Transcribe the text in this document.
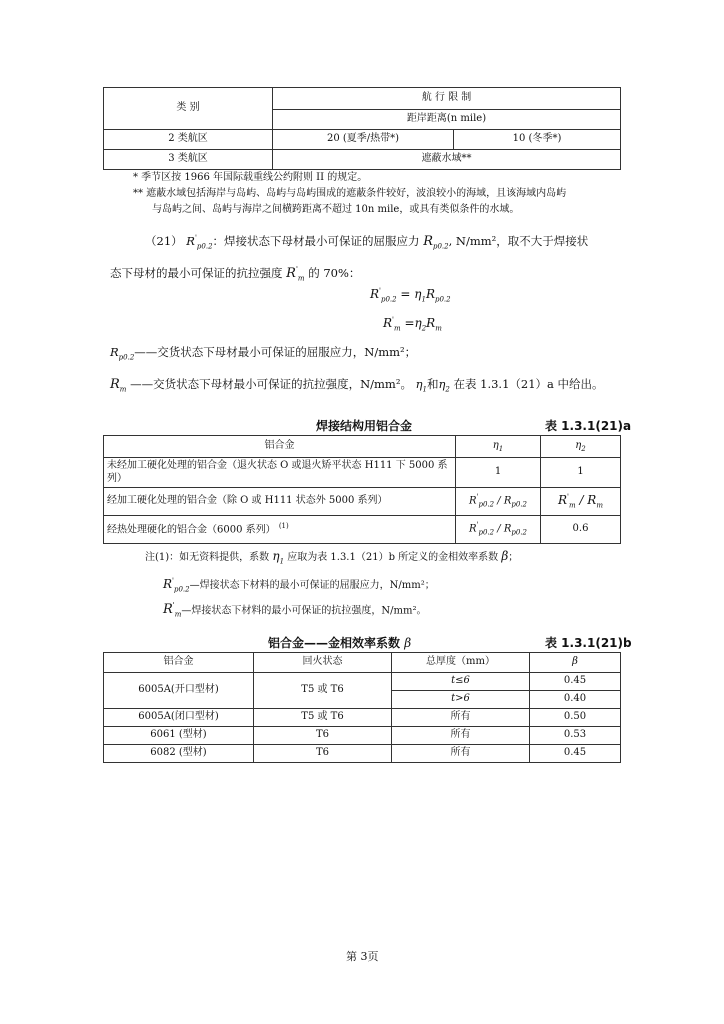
类 别	航 行 限 制	
	距岸距离(n mile)	
2 类航区	20 (夏季/热带*)	10 (冬季*)
3 类航区	遮蔽水域**	
* 季节区按 1966 年国际载重线公约附则 II 的规定。
** 遮蔽水域包括海岸与岛屿、岛屿与岛屿围成的遮蔽条件较好，波浪较小的海域，且该海域内岛屿
与岛屿之间、岛屿与海岸之间横跨距离不超过 10n mile，或具有类似条件的水域。
（21） $R'_{p0.2}$：焊接状态下母材最小可保证的屈服应力 $R_{p0.2}$, N/mm²，取不大于焊接状
态下母材的最小可保证的抗拉强度 $R'_m$ 的 70%：
$R'_{p0.2} = \eta_1R_{p0.2}$
$R'_m =\eta_2R_m$
$R_{p0.2}——$交货状态下母材最小可保证的屈服应力，N/mm²；
$R_m$ ——交货状态下母材最小可保证的抗拉强度，N/mm²。 $\eta_1$和$\eta_2$ 在表 1.3.1（21）a 中给出。
焊接结构用铝合金	表 1.3.1(21)a
铝合金	$\eta_1$	$\eta_2$
未经加工硬化处理的铝合金（退火状态 O 或退火矫平状态 H111 下 5000 系列）	1	1
经加工硬化处理的铝合金（除 O 或 H111 状态外 5000 系列）	$R'_{p0.2} / R_{p0.2}$	$R'_m / R_m$
经热处理硬化的铝合金（6000 系列） $^{(1)}$	$R'_{p0.2} / R_{p0.2}$	0.6
注(1)：如无资料提供，系数 $\eta_1$ 应取为表 1.3.1（21）b 所定义的金相效率系数 β；
$R'_{p0.2}—$焊接状态下材料的最小可保证的屈服应力，N/mm²；
$R'_m—$焊接状态下材料的最小可保证的抗拉强度，N/mm²。
铝合金——金相效率系数 β	表 1.3.1(21)b
铝合金	回火状态	总厚度（mm）	β
6005A(开口型材)	T5 或 T6	t≤6	0.45
		t>6	0.40
6005A(闭口型材)	T5 或 T6	所有	0.50
6061 (型材)	T6	所有	0.53
6082 (型材)	T6	所有	0.45
第 3页
